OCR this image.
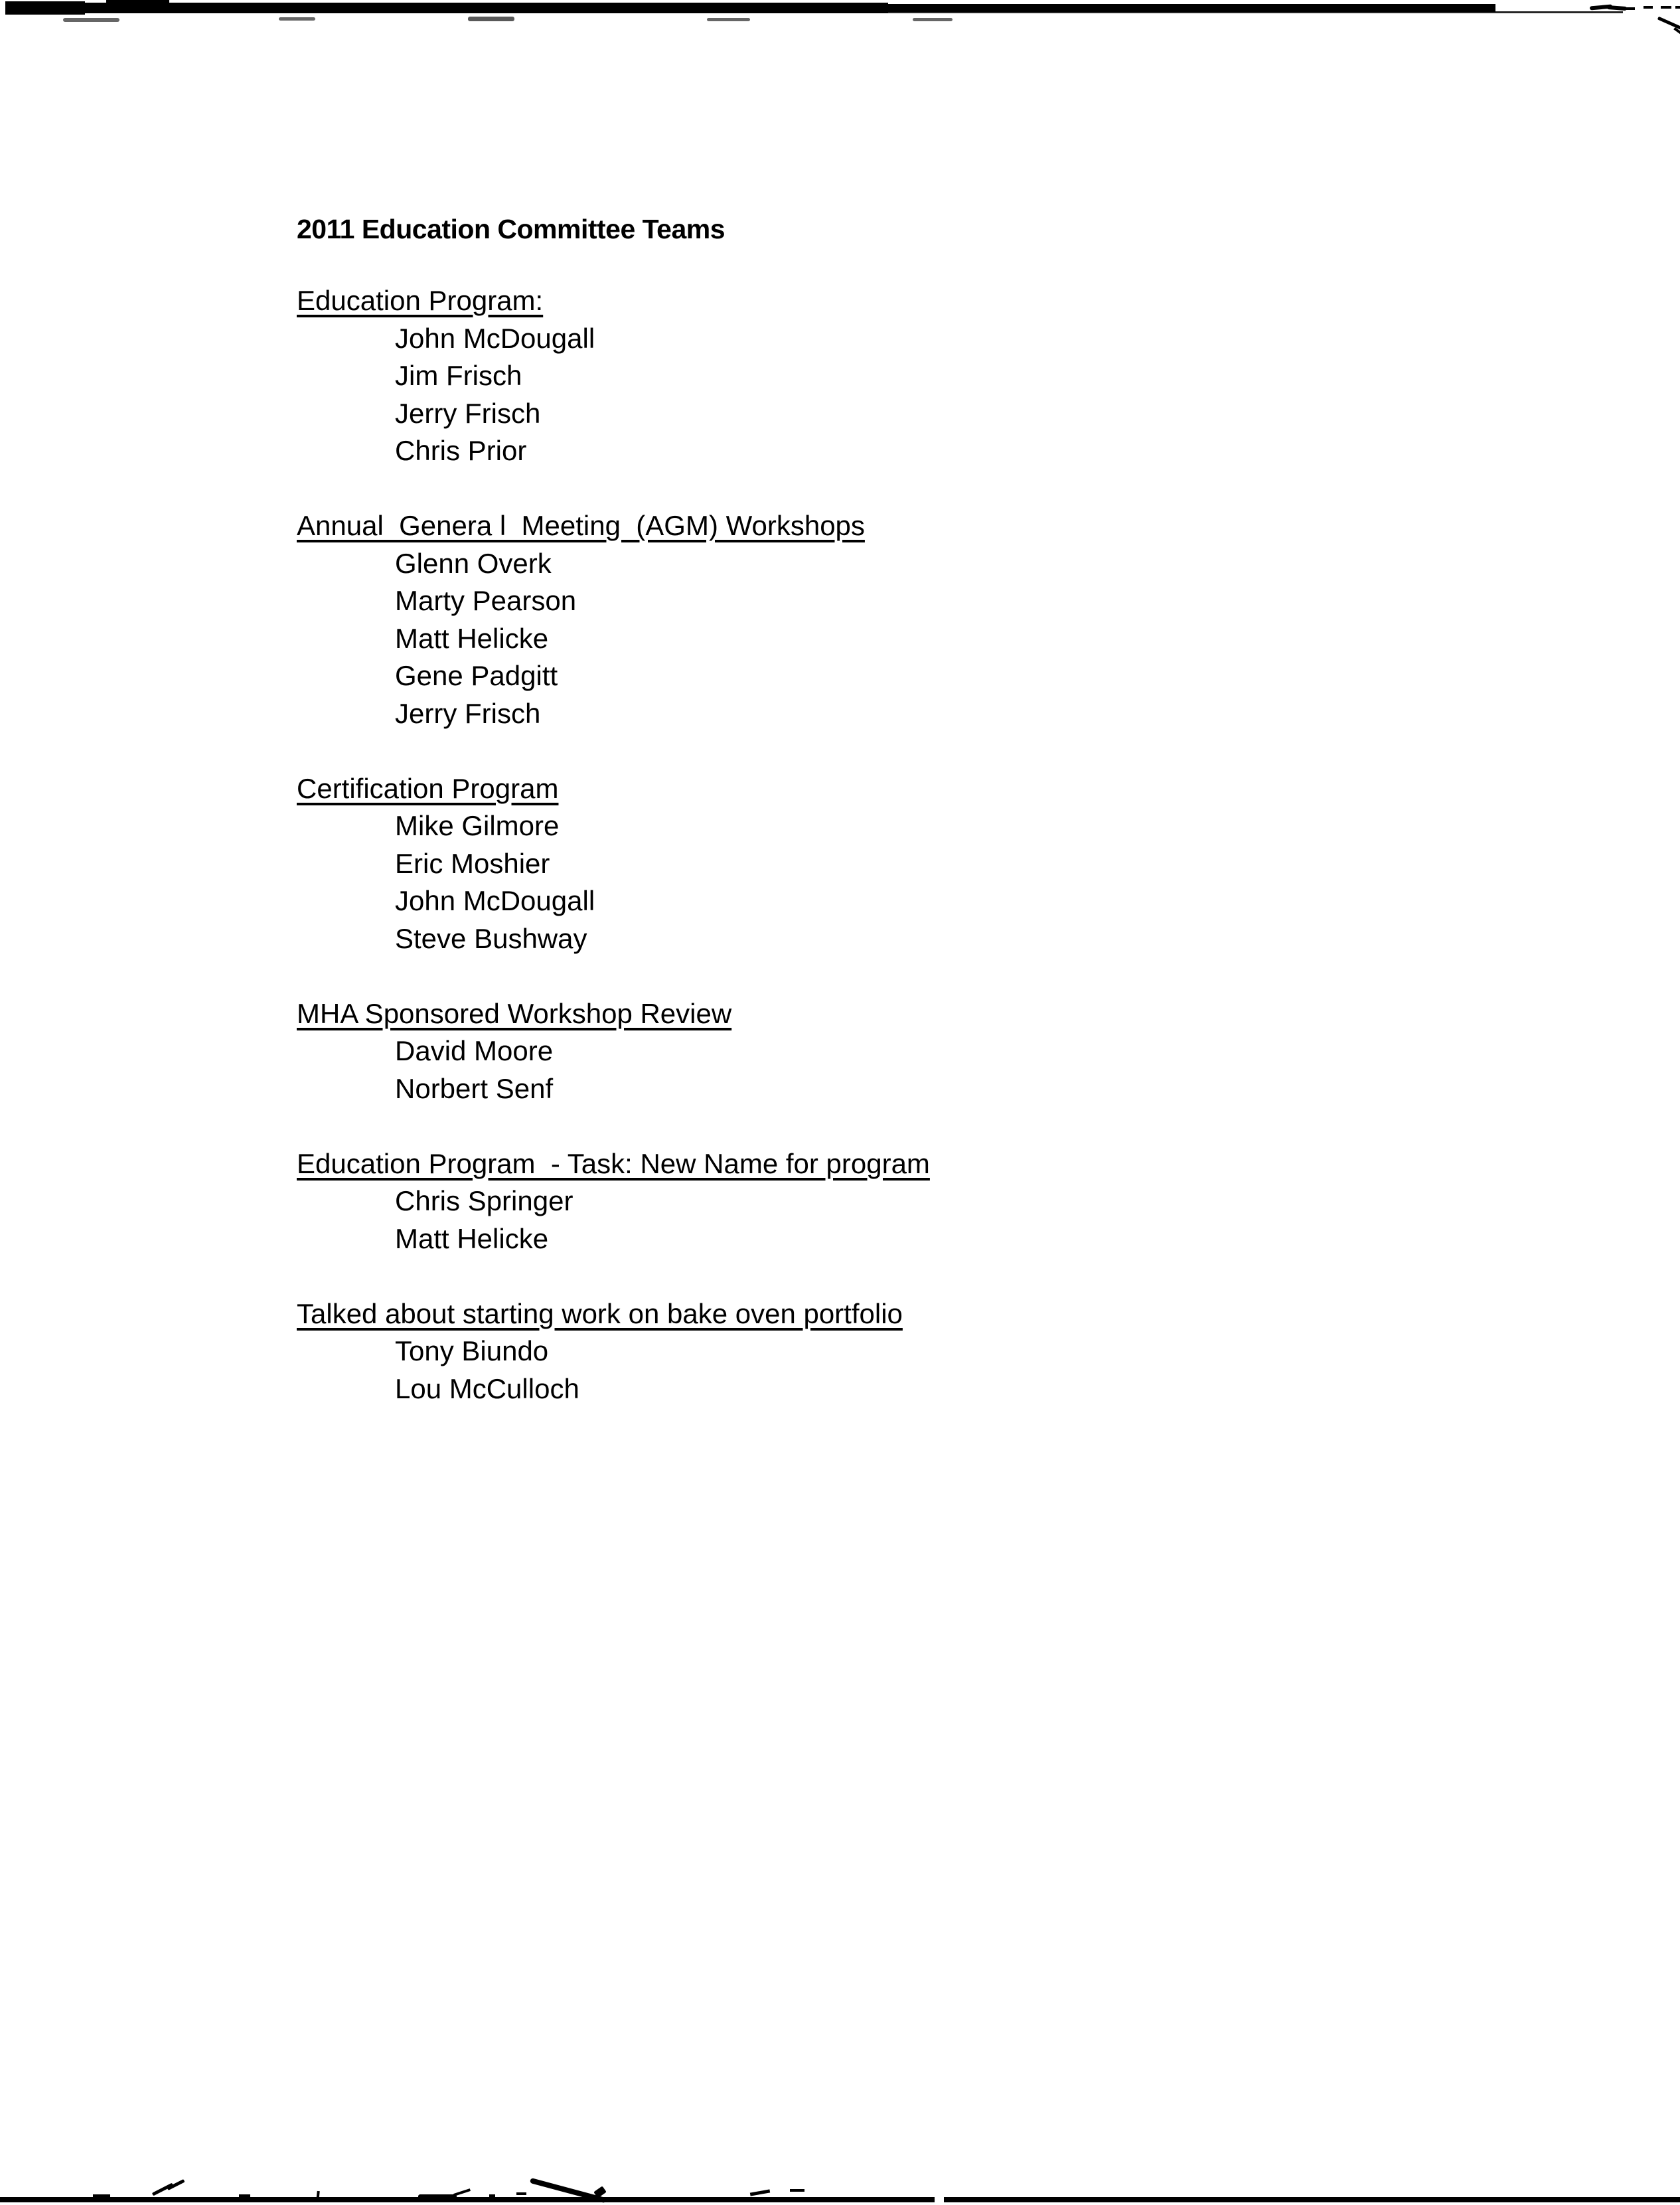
2011 Education Committee Teams
Education Program:
John McDougall
Jim Frisch
Jerry Frisch
Chris Prior
Annual  Genera l  Meeting  (AGM) Workshops
Glenn Overk
Marty Pearson
Matt Helicke
Gene Padgitt
Jerry Frisch
Certification Program
Mike Gilmore
Eric Moshier
John McDougall
Steve Bushway
MHA Sponsored Workshop Review
David Moore
Norbert Senf
Education Program  - Task: New Name for program
Chris Springer
Matt Helicke
Talked about starting work on bake oven portfolio
Tony Biundo
Lou McCulloch
